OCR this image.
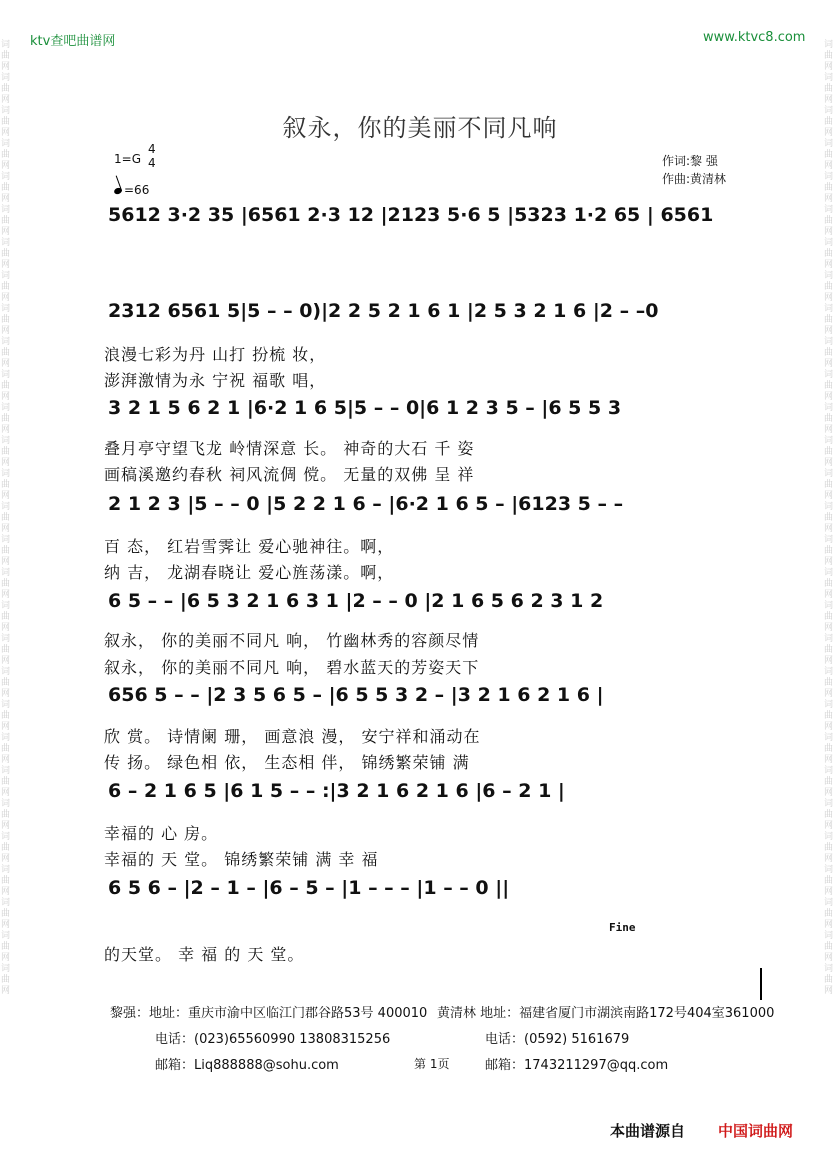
ktv查吧曲谱网	www.ktvc8.com
词曲网词曲网词曲网词曲网词曲网词曲网词曲网词曲网词曲网词曲网词曲网词曲网词曲网词曲网词曲网词曲网词曲网词曲网词曲网词曲网词曲网词曲网词曲网词曲网词曲网词曲网词曲网词曲网词曲网
词曲网词曲网词曲网词曲网词曲网词曲网词曲网词曲网词曲网词曲网词曲网词曲网词曲网词曲网词曲网词曲网词曲网词曲网词曲网词曲网词曲网词曲网词曲网词曲网词曲网词曲网词曲网词曲网词曲网
叙永，你的美丽不同凡响
1=G
4
4
=66
作词:黎 强
作曲:黄清林
5612 3·2 35 |6561 2·3 12 |2123 5·6 5 |5323 1·2 65 | 6561
2312 6561 5|5 – – 0)|2 2 5 2 1 6 1 |2 5 3 2 1 6 |2 – –0
浪漫七彩为丹 山打 扮梳 妆，
澎湃激情为永 宁祝 福歌 唱，
3 2 1 5 6 2 1 |6·2 1 6 5|5 – – 0|6 1 2 3 5 – |6 5 5 3
叠月亭守望飞龙 岭情深意 长。 神奇的大石 千 姿
画稿溪邀约春秋 祠风流倜 傥。 无量的双佛 呈 祥
2 1 2 3 |5 – – 0 |5 2 2 1 6 – |6·2 1 6 5 – |6123 5 – –
百 态， 红岩雪霁让 爱心驰神往。啊，
纳 吉， 龙湖春晓让 爱心旌荡漾。啊，
6 5 – – |6 5 3 2 1 6 3 1 |2 – – 0 |2 1 6 5 6 2 3 1 2
叙永， 你的美丽不同凡 响， 竹幽林秀的容颜尽情
叙永， 你的美丽不同凡 响， 碧水蓝天的芳姿天下
656 5 – – |2 3 5 6 5 – |6 5 5 3 2 – |3 2 1 6 2 1 6 |
欣 赏。 诗情阑 珊， 画意浪 漫， 安宁祥和涌动在
传 扬。 绿色相 依， 生态相 伴， 锦绣繁荣铺 满
6 – 2 1 6 5 |6 1 5 – – :|3 2 1 6 2 1 6 |6 – 2 1 |
幸福的 心 房。
幸福的 天 堂。 锦绣繁荣铺 满 幸 福
6 5 6 – |2 – 1 – |6 – 5 – |1 – – – |1 – – 0 ||
Fine
的天堂。 幸 福 的 天 堂。
黎强：地址：重庆市渝中区临江门郡谷路53号 400010
电话：(023)65560990 13808315256
邮箱：Liq888888@sohu.com
黄清林 地址：福建省厦门市湖滨南路172号404室361000
电话：(0592) 5161679
邮箱：1743211297@qq.com
第 1页
本曲谱源自 中国词曲网
